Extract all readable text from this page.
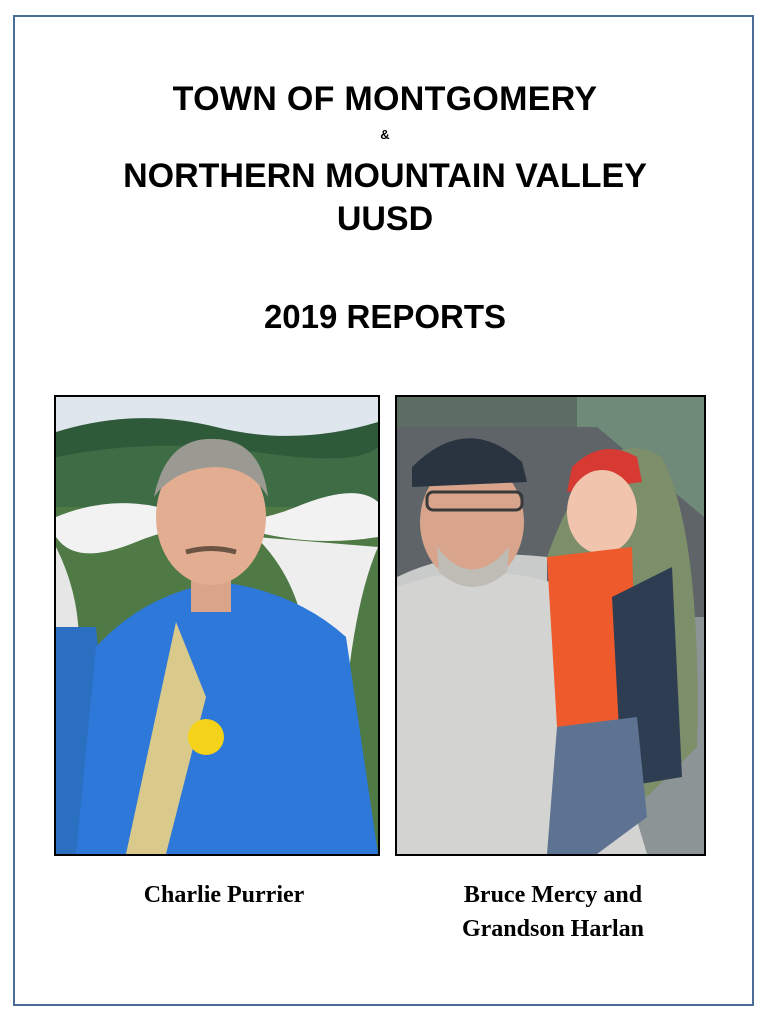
TOWN OF MONTGOMERY
&
NORTHERN MOUNTAIN VALLEY
UUSD
2019 REPORTS
Charlie Purrier	Bruce Mercy and
Grandson Harlan
